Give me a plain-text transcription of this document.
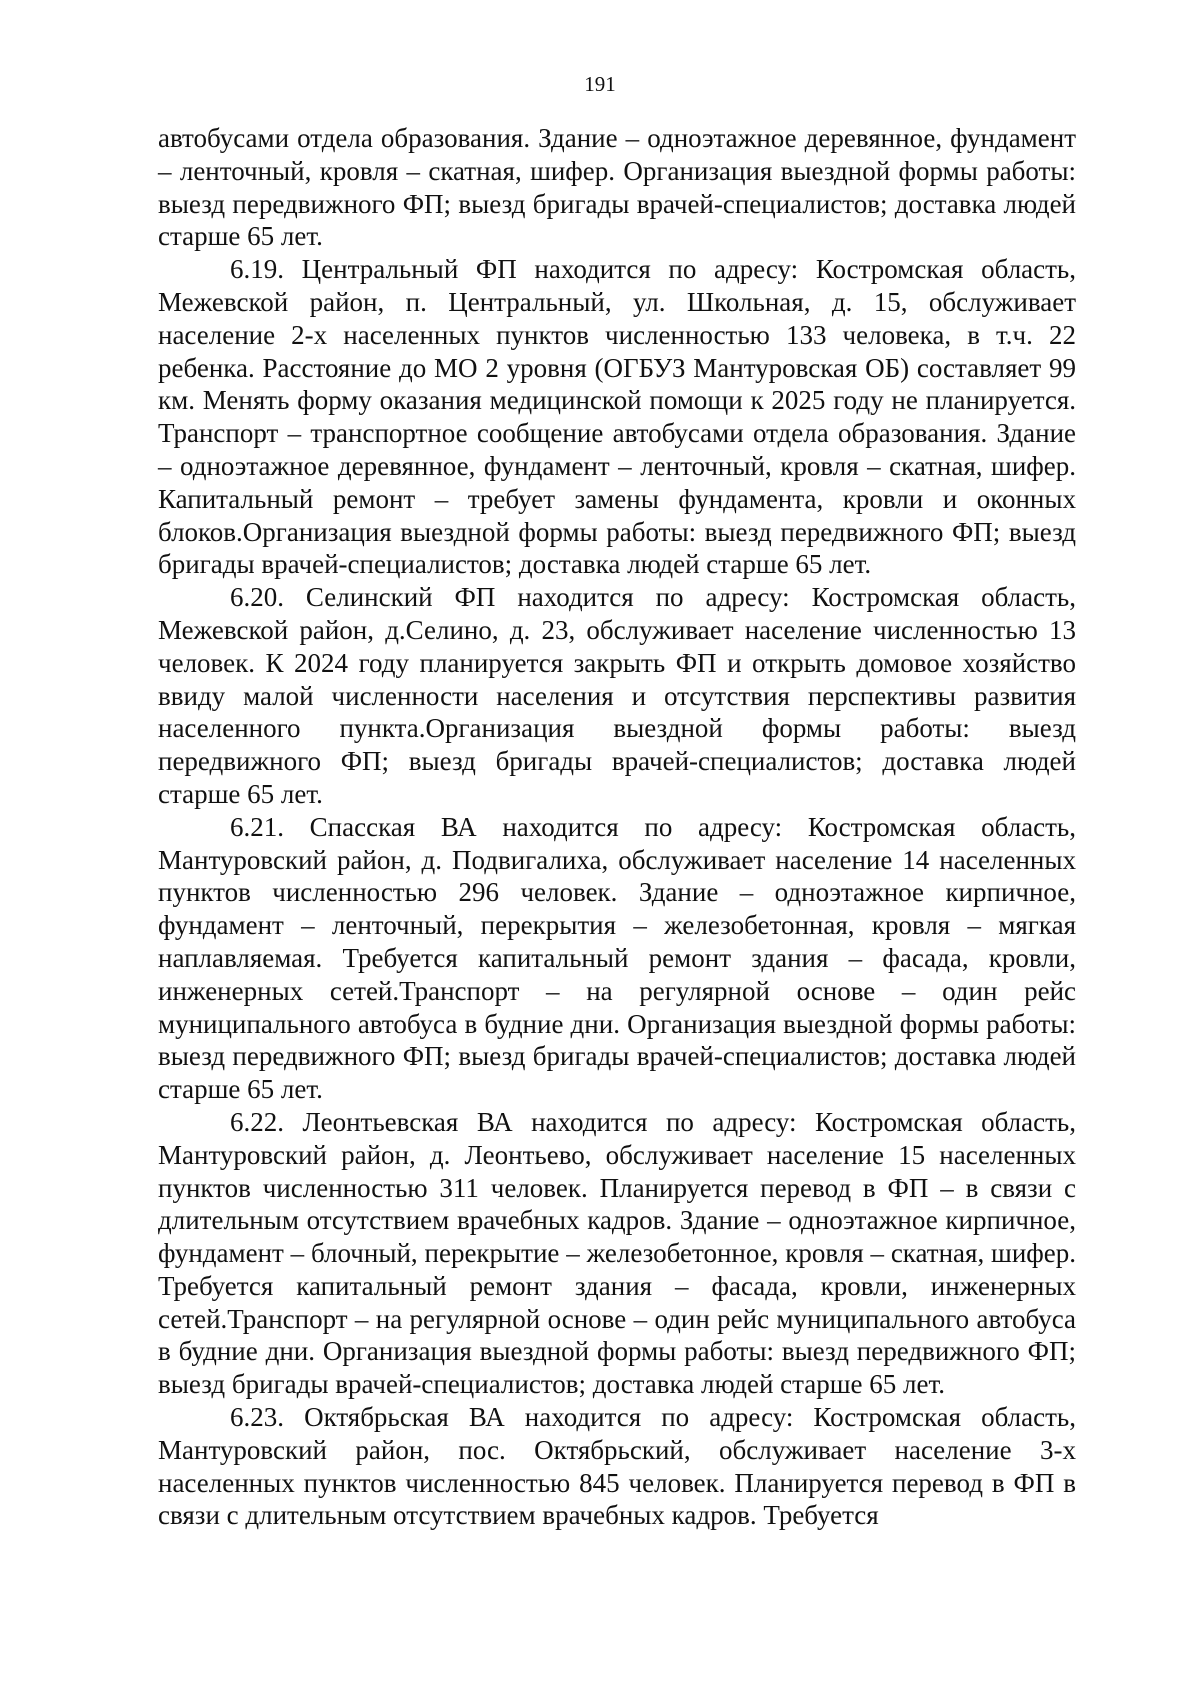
191

автобусами отдела образования. Здание – одноэтажное деревянное, фундамент – ленточный, кровля – скатная, шифер. Организация выездной формы работы: выезд передвижного ФП; выезд бригады врачей-специалистов; доставка людей старше 65 лет.

6.19. Центральный ФП находится по адресу: Костромская область, Межевской район, п. Центральный, ул. Школьная, д. 15, обслуживает население 2-х населенных пунктов численностью 133 человека, в т.ч. 22 ребенка. Расстояние до МО 2 уровня (ОГБУЗ Мантуровская ОБ) составляет 99 км. Менять форму оказания медицинской помощи к 2025 году не планируется. Транспорт – транспортное сообщение автобусами отдела образования. Здание – одноэтажное деревянное, фундамент – ленточный, кровля – скатная, шифер. Капитальный ремонт – требует замены фундамента, кровли и оконных блоков.Организация выездной формы работы: выезд передвижного ФП; выезд бригады врачей-специалистов; доставка людей старше 65 лет.

6.20. Селинский ФП находится по адресу: Костромская область, Межевской район, д.Селино, д. 23, обслуживает население численностью 13 человек. К 2024 году планируется закрыть ФП и открыть домовое хозяйство ввиду малой численности населения и отсутствия перспективы развития населенного пункта.Организация выездной формы работы: выезд передвижного ФП; выезд бригады врачей-специалистов; доставка людей старше 65 лет.

6.21. Спасская ВА находится по адресу: Костромская область, Мантуровский район, д. Подвигалиха, обслуживает население 14 населенных пунктов численностью 296 человек. Здание – одноэтажное кирпичное, фундамент – ленточный, перекрытия – железобетонная, кровля – мягкая наплавляемая. Требуется капитальный ремонт здания – фасада, кровли, инженерных сетей.Транспорт – на регулярной основе – один рейс муниципального автобуса в будние дни. Организация выездной формы работы: выезд передвижного ФП; выезд бригады врачей-специалистов; доставка людей старше 65 лет.

6.22. Леонтьевская ВА находится по адресу: Костромская область, Мантуровский район, д. Леонтьево, обслуживает население 15 населенных пунктов численностью 311 человек. Планируется перевод в ФП – в связи с длительным отсутствием врачебных кадров. Здание – одноэтажное кирпичное, фундамент – блочный, перекрытие – железобетонное, кровля – скатная, шифер. Требуется капитальный ремонт здания – фасада, кровли, инженерных сетей.Транспорт – на регулярной основе – один рейс муниципального автобуса в будние дни. Организация выездной формы работы: выезд передвижного ФП; выезд бригады врачей-специалистов; доставка людей старше 65 лет.

6.23. Октябрьская ВА находится по адресу: Костромская область, Мантуровский район, пос. Октябрьский, обслуживает население 3-х населенных пунктов численностью 845 человек. Планируется перевод в ФП в связи с длительным отсутствием врачебных кадров. Требуется
